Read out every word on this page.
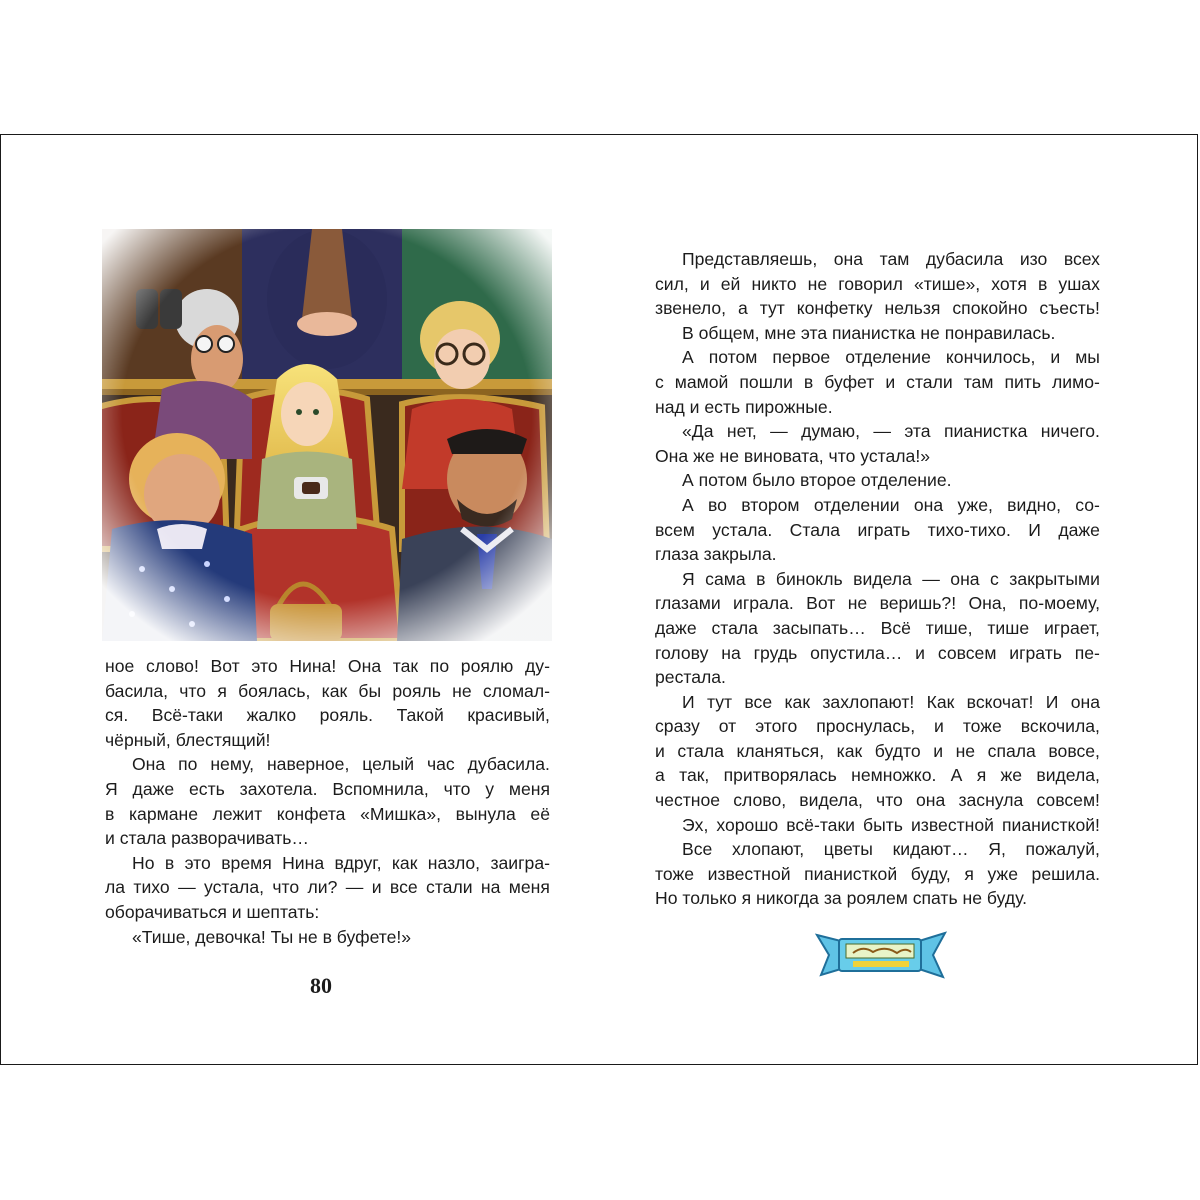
ное слово! Вот это Нина! Она так по роялю ду-
басила, что я боялась, как бы рояль не сломал-
ся. Всё-таки жалко рояль. Такой красивый,
чёрный, блестящий!
Она по нему, наверное, целый час дубасила.
Я даже есть захотела. Вспомнила, что у меня
в кармане лежит конфета «Мишка», вынула её
и стала разворачивать…
Но в это время Нина вдруг, как назло, заигра-
ла тихо — устала, что ли? — и все стали на меня
оборачиваться и шептать:
«Тише, девочка! Ты не в буфете!»
Представляешь, она там дубасила изо всех
сил, и ей никто не говорил «тише», хотя в ушах
звенело, а тут конфетку нельзя спокойно съесть!
В общем, мне эта пианистка не понравилась.
А потом первое отделение кончилось, и мы
с мамой пошли в буфет и стали там пить лимо-
над и есть пирожные.
«Да нет, — думаю, — эта пианистка ничего.
Она же не виновата, что устала!»
А потом было второе отделение.
А во втором отделении она уже, видно, со-
всем устала. Стала играть тихо-тихо. И даже
глаза закрыла.
Я сама в бинокль видела — она с закрытыми
глазами играла. Вот не веришь?! Она, по-моему,
даже стала засыпать… Всё тише, тише играет,
голову на грудь опустила… и совсем играть пе-
рестала.
И тут все как захлопают! Как вскочат! И она
сразу от этого проснулась, и тоже вскочила,
и стала кланяться, как будто и не спала вовсе,
а так, притворялась немножко. А я же видела,
честное слово, видела, что она заснула совсем!
Эх, хорошо всё-таки быть известной пианисткой!
Все хлопают, цветы кидают… Я, пожалуй,
тоже известной пианисткой буду, я уже решила.
Но только я никогда за роялем спать не буду.
80
